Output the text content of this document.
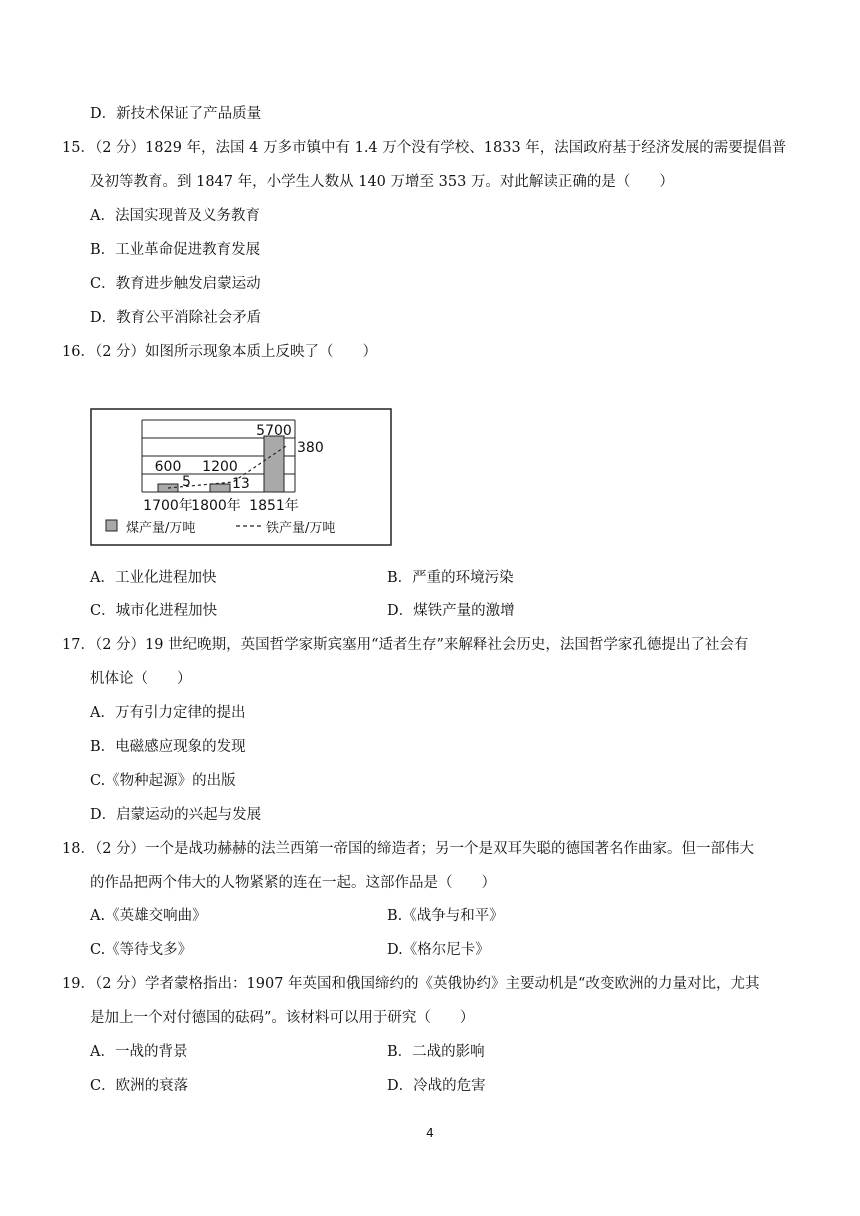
D．新技术保证了产品质量
15．（2 分）1829 年，法国 4 万多市镇中有 1.4 万个没有学校、1833 年，法国政府基于经济发展的需要提倡普
及初等教育。到 1847 年，小学生人数从 140 万增至 353 万。对此解读正确的是（　　）
A．法国实现普及义务教育
B．工业革命促进教育发展
C．教育进步触发启蒙运动
D．教育公平消除社会矛盾
16．（2 分）如图所示现象本质上反映了（　　）
600 1200
5700
5	13
380
1700年
1800年 1851年
煤产量/万吨	铁产量/万吨
A．工业化进程加快	B．严重的环境污染
C．城市化进程加快	D．煤铁产量的激增
17．（2 分）19 世纪晚期，英国哲学家斯宾塞用“适者生存”来解释社会历史，法国哲学家孔德提出了社会有
机体论（　　）
A．万有引力定律的提出
B．电磁感应现象的发现
C.《物种起源》的出版
D．启蒙运动的兴起与发展
18．（2 分）一个是战功赫赫的法兰西第一帝国的缔造者；另一个是双耳失聪的德国著名作曲家。但一部伟大
的作品把两个伟大的人物紧紧的连在一起。这部作品是（　　）
A.《英雄交响曲》	B.《战争与和平》
C.《等待戈多》	D.《格尔尼卡》
19．（2 分）学者蒙格指出：1907 年英国和俄国缔约的《英俄协约》主要动机是“改变欧洲的力量对比，尤其
是加上一个对付德国的砝码”。该材料可以用于研究（　　）
A．一战的背景	B．二战的影响
C．欧洲的衰落	D．冷战的危害
4
